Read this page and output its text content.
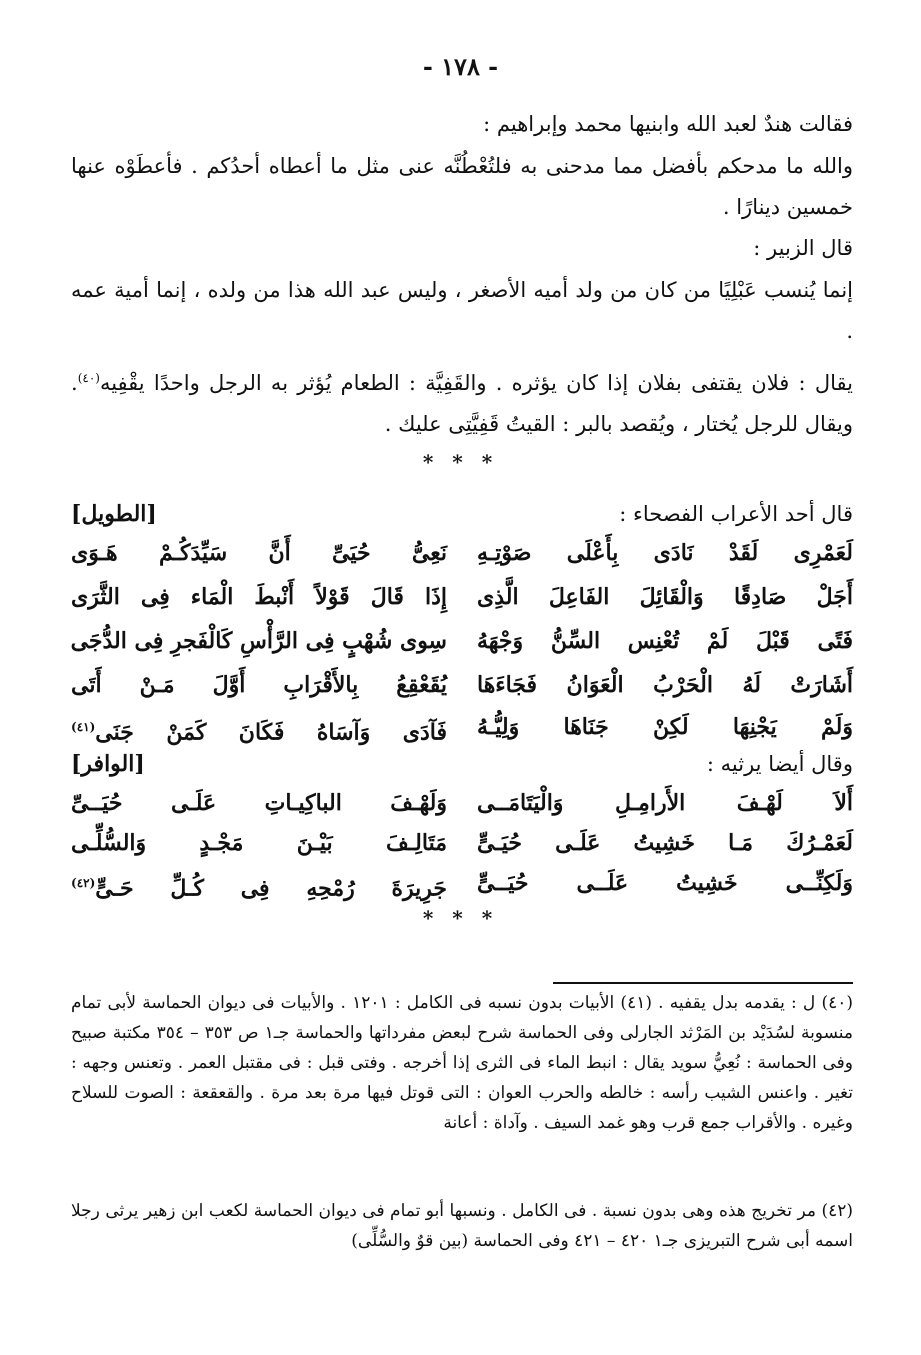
- ١٧٨ -
فقالت هندٌ لعبد الله وابنيها محمد وإبراهيم :
والله ما مدحكم بأفضل مما مدحنى به فلتُعْطُنَّه عنى مثل ما أعطاه أحدُكم . فأعطَوْه عنها خمسين دينارًا .
قال الزبير :
إنما يُنسب عَبْلِيًا من كان من ولد أميه الأصغر ، وليس عبد الله هذا من ولده ، إنما أمية عمه .
يقال : فلان يقتفى بفلان إذا كان يؤثره . والقَفِيَّة : الطعام يُؤثر به الرجل واحدًا يقْفِيه$^{(٤٠)}$. ويقال للرجل يُختار ، ويُقصد بالبر : القيتُ قَفِيَّتِى عليك .
* * *
قال أحد الأعراب الفصحاء :
[الطويل]
لَعَمْرِى لَقَدْ نَادَى بِأَعْلَى صَوْتِـهِ
نَعِىُّ حُيَىِّ أَنَّ سَيِّدَكُـمْ هَـوَى
أَجَلْ صَادِقًا وَالْقَائِلَ الفَاعِلَ الَّذِى
إِذَا قَالَ قَوْلاً أَنْبطَ الْمَاء فِى الثَّرَى
فَتًى قَبْلَ لَمْ تُعْنِس السِّنُّ وَجْهَهُ
سِوى شُهْبٍ فِى الرَّأْسِ كَالْفَجرِ فِى الدُّجَى
أَشَارَتْ لَهُ الْحَرْبُ الْعَوَانُ فَجَاءَهَا
يُقَعْقِعُ بِالأَقْرَابِ أَوَّلَ مَـنْ أَتَى
وَلَمْ يَجْنِهَا لَكِنْ جَنَاهَا وَلِيُّـهُ
فَآدَى وَآسَاهُ فَكَانَ كَمَنْ جَنَى$^{(٤١)}$
وقال أيضا يرثيه :
[الوافر]
أَلاَ لَهْـفَ الأَرامِـلِ وَالْيَتَامَــى
وَلَهْـفَ الباكِيـاتِ عَلَـى حُيَــىِّ
لَعَمْـرُكَ مَـا خَشِيتُ عَلَـى حُيَـىٍّ
مَتَالِـفَ بَيْـنَ مَجْـدٍ وَالسُّلِّـى
وَلَكِنِّــى خَشِيتُ عَلَــى حُيَــىٍّ
جَرِيرَةَ رُمْحِهِ فِى كُـلِّ حَـىٍّ$^{(٤٢)}$
* * *
(٤٠) ل : يقدمه بدل يقفيه . (٤١) الأبيات بدون نسبه فى الكامل : ١٢٠١ . والأبيات فى ديوان الحماسة لأبى تمام منسوبة لسُدَيْد بن المَرْثد الجارلى وفى الحماسة شرح لبعض مفرداتها والحماسة جـ١ ص ٣٥٣ – ٣٥٤ مكتبة صبيح وفى الحماسة : نُعِيُّ سويد يقال : انبط الماء فى الثرى إذا أخرجه . وفتى قبل : فى مقتبل العمر . وتعنس وجهه : تغير . واعنس الشيب رأسه : خالطه والحرب العوان : التى قوتل فيها مرة بعد مرة . والقعقعة : الصوت للسلاح وغيره . والأقراب جمع قرب وهو غمد السيف . وآداة : أعانة
(٤٢) مر تخريج هذه وهى بدون نسبة . فى الكامل . ونسبها أبو تمام فى ديوان الحماسة لكعب ابن زهير يرثى رجلا اسمه أبى شرح التبريزى جـ١ ٤٢٠ – ٤٢١ وفى الحماسة (بين قوٌ والسُّلِّى)
